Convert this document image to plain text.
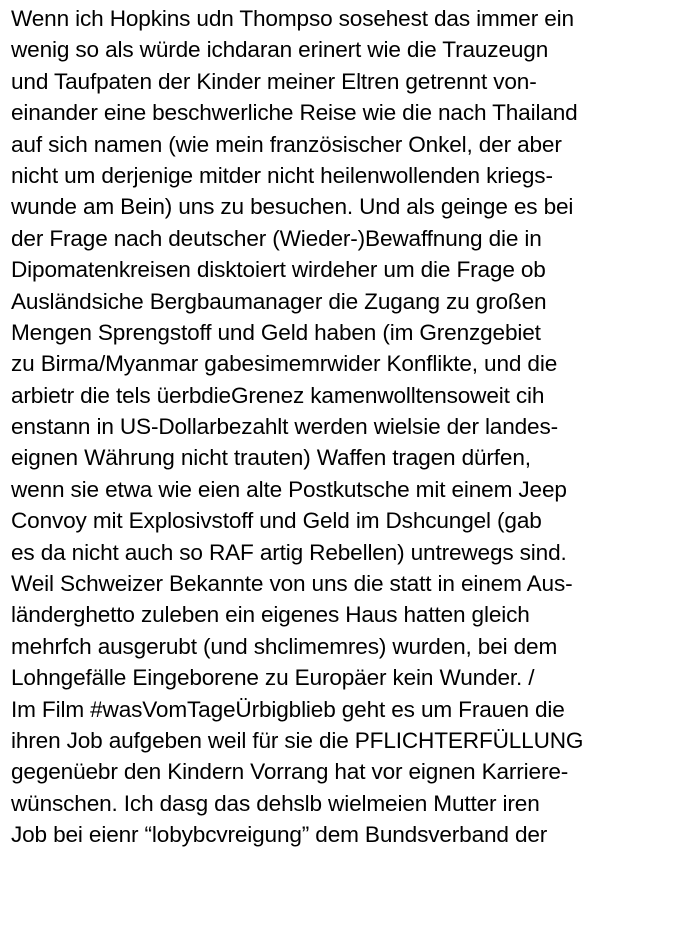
Wenn ich Hopkins udn Thompso sosehest das immer ein
wenig so als würde ichdaran erinert wie die Trauzeugn
und Taufpaten der Kinder meiner Eltren getrennt von-
einander eine beschwerliche Reise wie die nach Thailand
auf sich namen (wie mein französischer Onkel, der aber
nicht um derjenige mitder nicht heilenwollenden kriegs-
wunde am Bein) uns zu besuchen. Und als geinge es bei
der Frage nach deutscher (Wieder-)Bewaffnung die in
Dipomatenkreisen disktoiert wirdeher um die Frage ob
Ausländsiche Bergbaumanager die Zugang zu großen
Mengen Sprengstoff und Geld haben (im Grenzgebiet
zu Birma/Myanmar gabesimemrwider Konflikte, und die
arbietr die tels üerbdieGrenez kamenwolltensoweit cih
enstann in US-Dollarbezahlt werden wielsie der landes-
eignen Währung nicht trauten) Waffen tragen dürfen,
wenn sie etwa wie eien alte Postkutsche mit einem Jeep
Convoy mit Explosivstoff und Geld im Dshcungel (gab
es da nicht auch so RAF artig Rebellen) untrewegs sind.
Weil Schweizer Bekannte von uns die statt in einem Aus-
länderghetto zuleben ein eigenes Haus hatten gleich
mehrfch ausgerubt (und shclimemres) wurden, bei dem
Lohngefälle Eingeborene zu Europäer kein Wunder. /
Im Film #wasVomTageÜrbigblieb geht es um Frauen die
ihren Job aufgeben weil für sie die PFLICHTERFÜLLUNG
gegenüebr den Kindern Vorrang hat vor eignen Karriere-
wünschen. Ich dasg das dehslb wielmeien Mutter iren
Job bei eienr “lobybcvreigung” dem Bundsverband der
